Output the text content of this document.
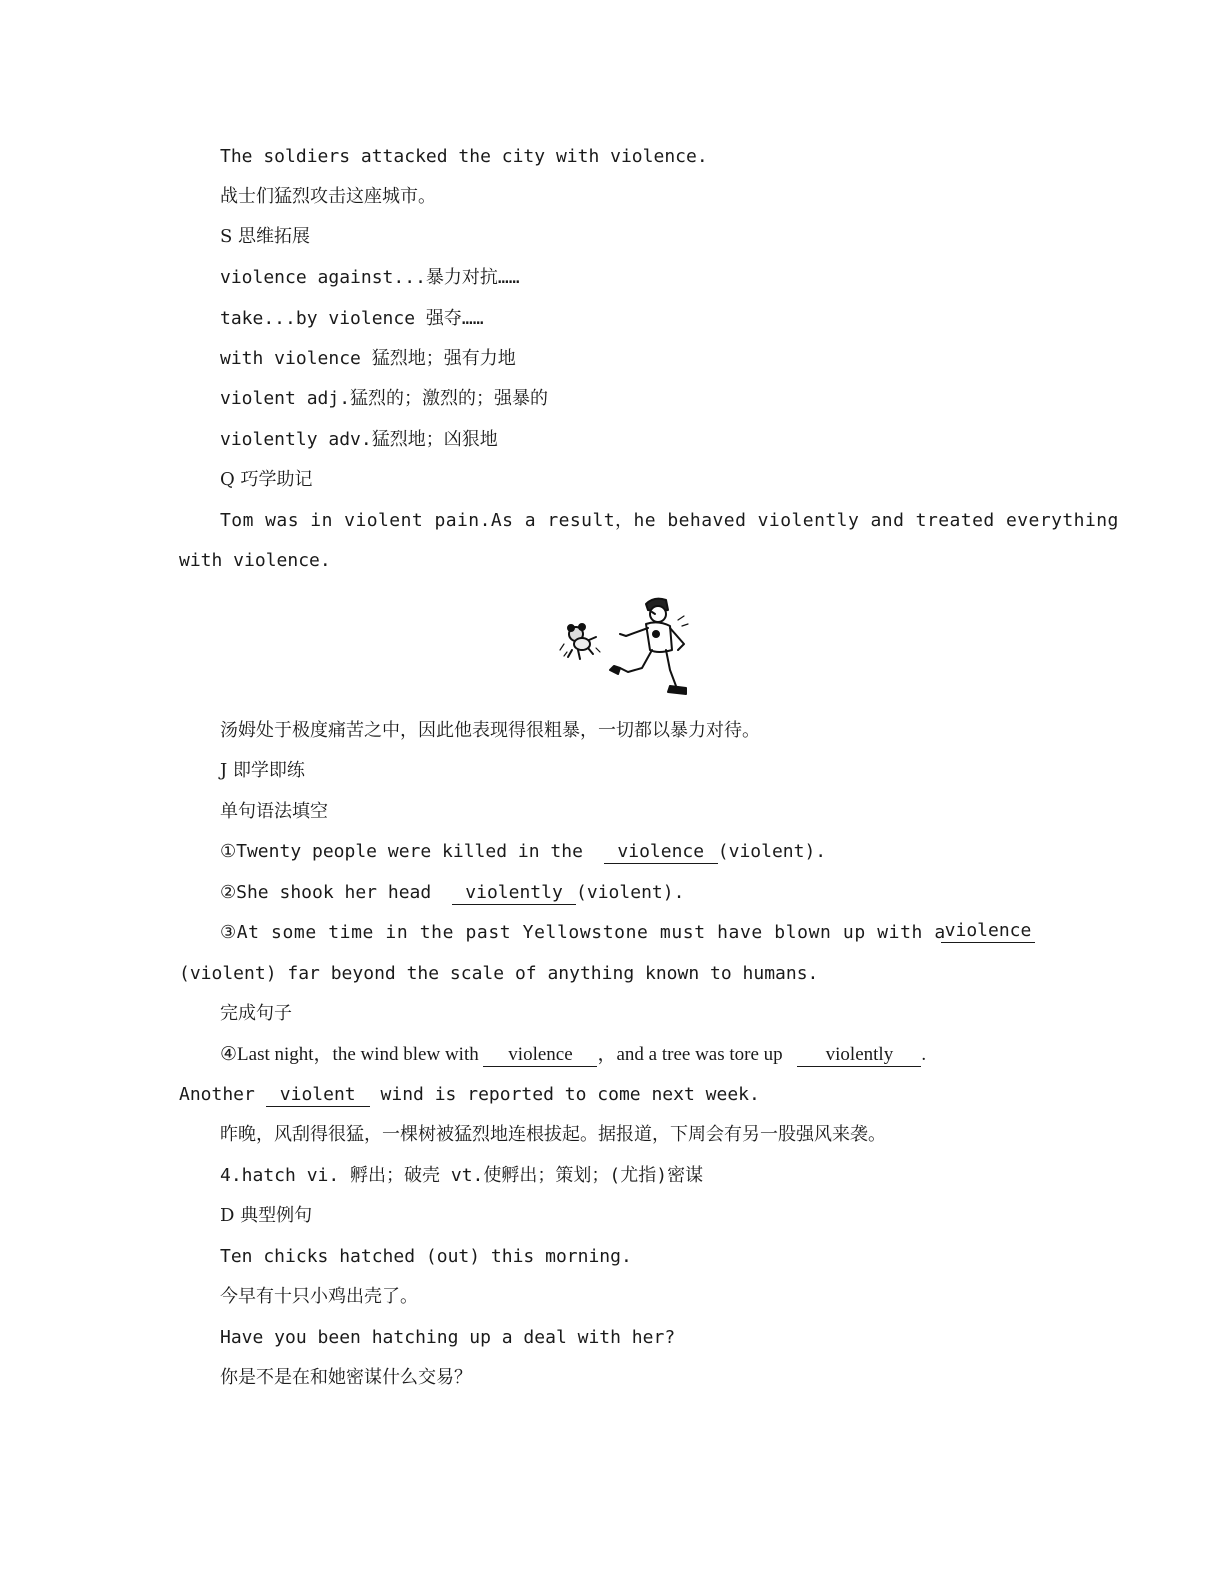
The soldiers attacked the city with violence.
战士们猛烈攻击这座城市。
S 思维拓展
violence against...暴力对抗……
take...by violence 强夺……
with violence 猛烈地；强有力地
violent adj.猛烈的；激烈的；强暴的
violently adv.猛烈地；凶狠地
Q 巧学助记
Tom was in violent pain.As a result，he behaved violently and treated everything
with violence.
汤姆处于极度痛苦之中，因此他表现得很粗暴，一切都以暴力对待。
J 即学即练
单句语法填空
①Twenty people were killed in the violence (violent).
②She shook her head violently (violent).
③At some time in the past Yellowstone must have blown up with a
violence
(violent) far beyond the scale of anything known to humans.
完成句子
④Last night，the wind blew with violence ，and a tree was tore up violently .
Another violent wind is reported to come next week.
昨晚，风刮得很猛，一棵树被猛烈地连根拔起。据报道，下周会有另一股强风来袭。
4.hatch vi. 孵出；破壳 vt.使孵出；策划；(尤指)密谋
D 典型例句
Ten chicks hatched (out) this morning.
今早有十只小鸡出壳了。
Have you been hatching up a deal with her?
你是不是在和她密谋什么交易？
